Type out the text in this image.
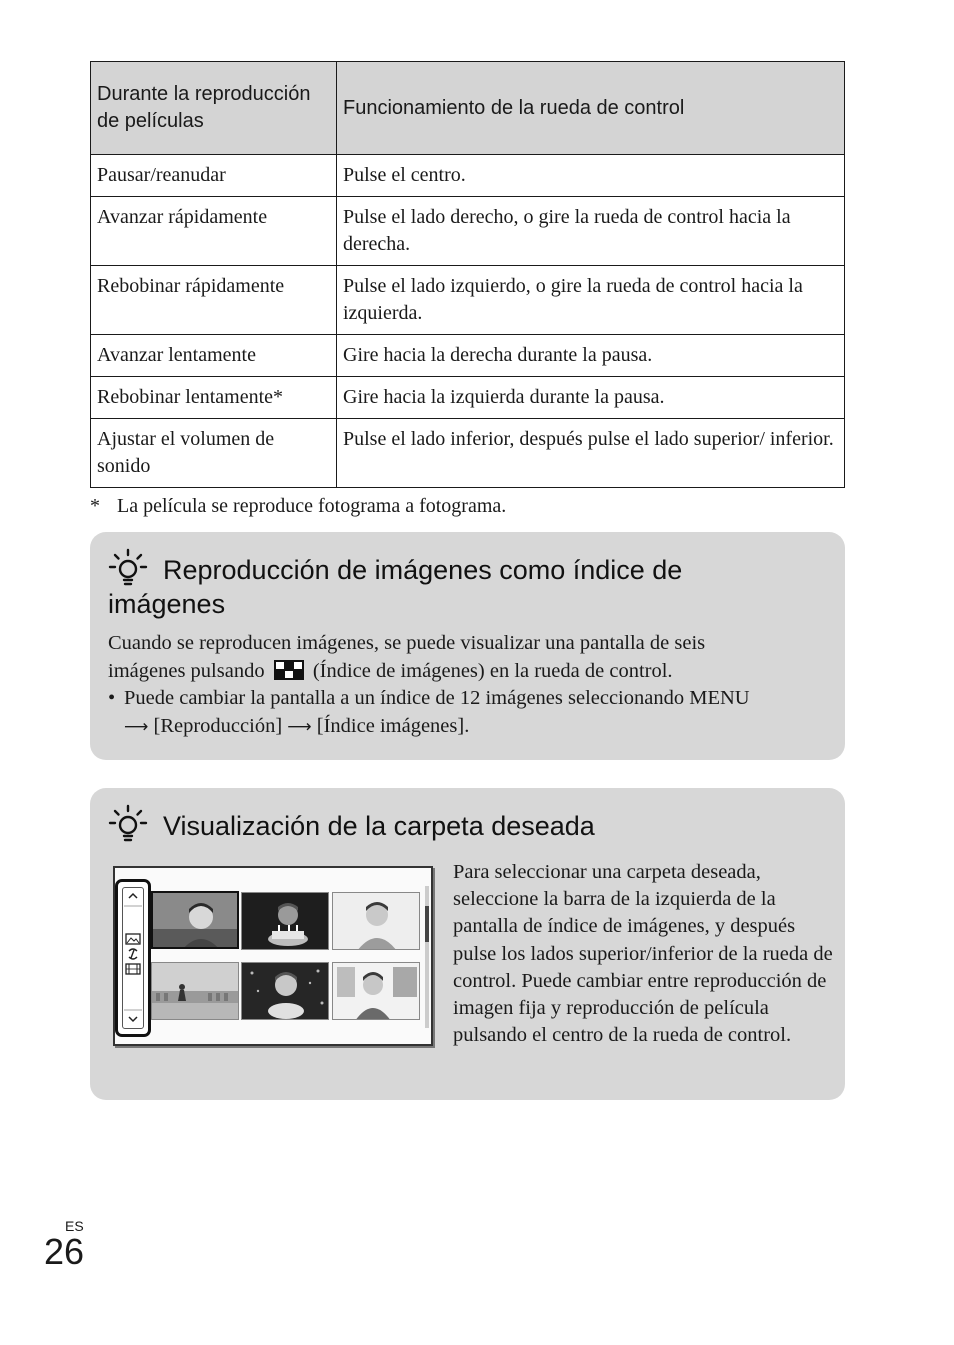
Durante la reproducción de películas	Funcionamiento de la rueda de control
Pausar/reanudar	Pulse el centro.
Avanzar rápidamente	Pulse el lado derecho, o gire la rueda de control hacia la derecha.
Rebobinar rápidamente	Pulse el lado izquierdo, o gire la rueda de control hacia la izquierda.
Avanzar lentamente	Gire hacia la derecha durante la pausa.
Rebobinar lentamente*	Gire hacia la izquierda durante la pausa.
Ajustar el volumen de sonido	Pulse el lado inferior, después pulse el lado superior/ inferior.
* La película se reproduce fotograma a fotograma.
Reproducción de imágenes como índice de
imágenes
Cuando se reproducen imágenes, se puede visualizar una pantalla de seis
imágenes pulsando (Índice de imágenes) en la rueda de control.
• Puede cambiar la pantalla a un índice de 12 imágenes seleccionando MENU
⟶ [Reproducción] ⟶ [Índice imágenes].
Visualización de la carpeta deseada
Para seleccionar una carpeta deseada, seleccione la barra de la izquierda de la pantalla de índice de imágenes, y después pulse los lados superior/inferior de la rueda de control. Puede cambiar entre reproducción de imagen fija y reproducción de película pulsando el centro de la rueda de control.
ES
26
